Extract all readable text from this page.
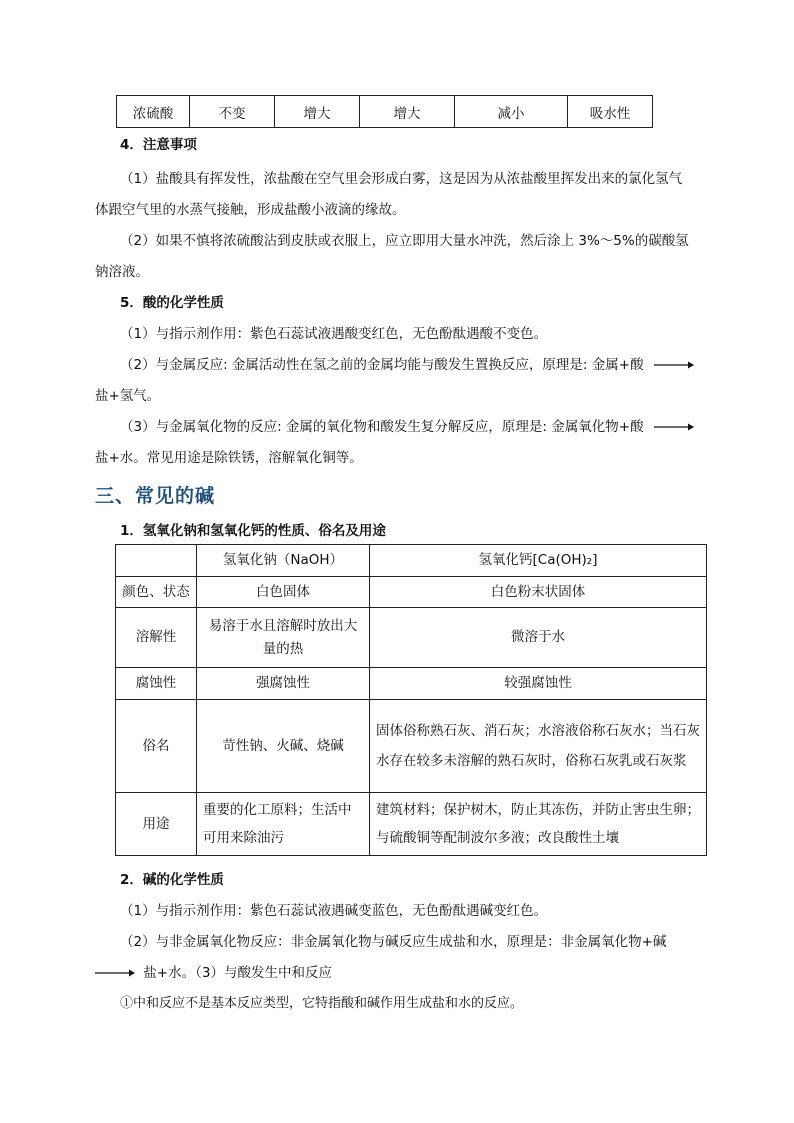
浓硫酸	不变	增大	增大	减小	吸水性
4．注意事项
（1）盐酸具有挥发性，浓盐酸在空气里会形成白雾，这是因为从浓盐酸里挥发出来的氯化氢气
体跟空气里的水蒸气接触，形成盐酸小液滴的缘故。
（2）如果不慎将浓硫酸沾到皮肤或衣服上，应立即用大量水冲洗，然后涂上 3%～5%的碳酸氢
钠溶液。
5．酸的化学性质
（1）与指示剂作用：紫色石蕊试液遇酸变红色，无色酚酞遇酸不变色。
（2）与金属反应: 金属活动性在氢之前的金属均能与酸发生置换反应，原理是: 金属+酸
盐+氢气。
（3）与金属氧化物的反应: 金属的氧化物和酸发生复分解反应，原理是: 金属氧化物+酸
盐+水。常见用途是除铁锈，溶解氧化铜等。
三、常见的碱
1．氢氧化钠和氢氧化钙的性质、俗名及用途
	氢氧化钠（NaOH）	氢氧化钙[Ca(OH)₂]
颜色、状态	白色固体	白色粉末状固体
溶解性	易溶于水且溶解时放出大量的热	微溶于水
腐蚀性	强腐蚀性	较强腐蚀性
俗名	苛性钠、火碱、烧碱	固体俗称熟石灰、消石灰；水溶液俗称石灰水；当石灰水存在较多未溶解的熟石灰时，俗称石灰乳或石灰浆
用途	重要的化工原料；生活中可用来除油污	建筑材料；保护树木，防止其冻伤，并防止害虫生卵；与硫酸铜等配制波尔多液；改良酸性土壤
2．碱的化学性质
（1）与指示剂作用：紫色石蕊试液遇碱变蓝色，无色酚酞遇碱变红色。
（2）与非金属氧化物反应：非金属氧化物与碱反应生成盐和水，原理是：非金属氧化物+碱
盐+水。（3）与酸发生中和反应
①中和反应不是基本反应类型，它特指酸和碱作用生成盐和水的反应。
